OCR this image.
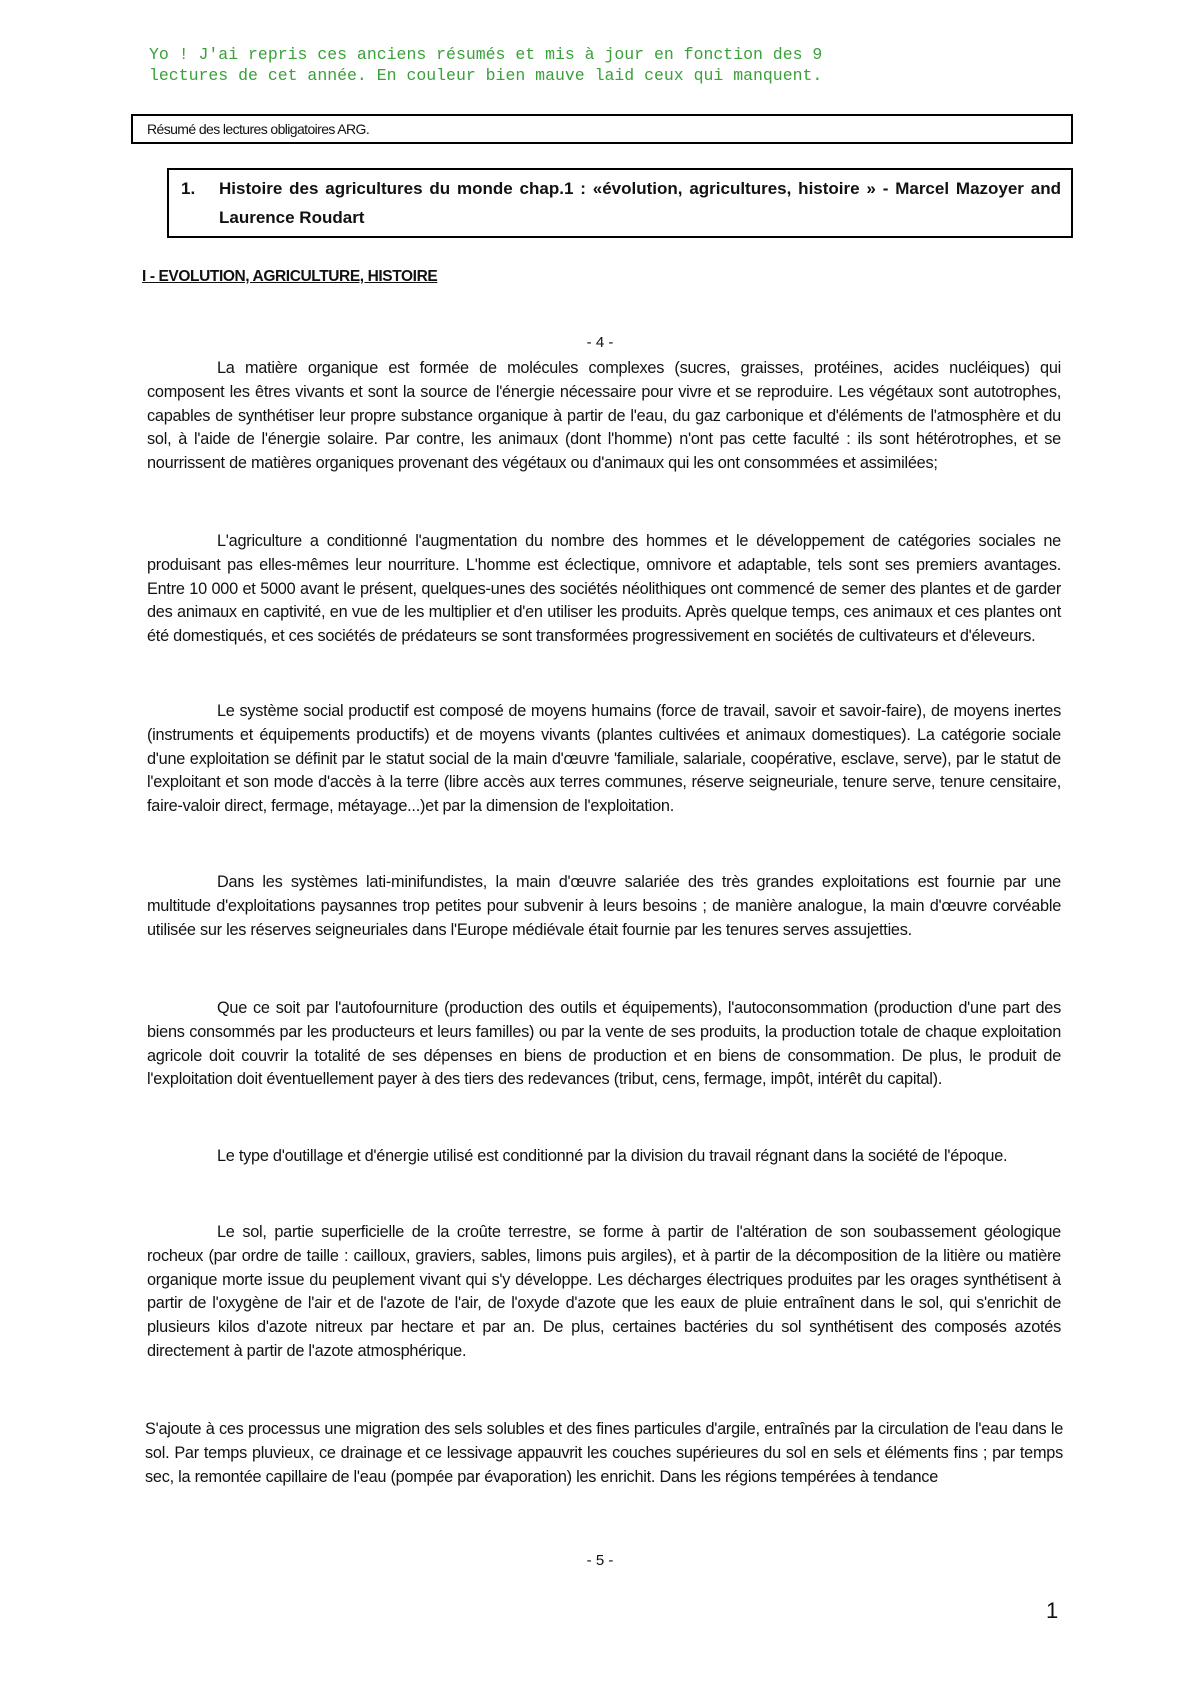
Yo ! J'ai repris ces anciens résumés et mis à jour en fonction des 9
lectures de cet année. En couleur bien mauve laid ceux qui manquent.
Résumé des lectures obligatoires ARG.
1. Histoire des agricultures du monde chap.1 : «évolution, agricultures, histoire » - Marcel Mazoyer and Laurence Roudart
I - EVOLUTION, AGRICULTURE, HISTOIRE
- 4 -

La matière organique est formée de molécules complexes (sucres, graisses, protéines, acides nucléiques) qui composent les êtres vivants et sont la source de l'énergie nécessaire pour vivre et se reproduire. Les végétaux sont autotrophes, capables de synthétiser leur propre substance organique à partir de l'eau, du gaz carbonique et d'éléments de l'atmosphère et du sol, à l'aide de l'énergie solaire. Par contre, les animaux (dont l'homme) n'ont pas cette faculté : ils sont hétérotrophes, et se nourrissent de matières organiques provenant des végétaux ou d'animaux qui les ont consommées et assimilées;

L'agriculture a conditionné l'augmentation du nombre des hommes et le développement de catégories sociales ne produisant pas elles-mêmes leur nourriture. L'homme est éclectique, omnivore et adaptable, tels sont ses premiers avantages. Entre 10 000 et 5000 avant le présent, quelques-unes des sociétés néolithiques ont commencé de semer des plantes et de garder des animaux en captivité, en vue de les multiplier et d'en utiliser les produits. Après quelque temps, ces animaux et ces plantes ont été domestiqués, et ces sociétés de prédateurs se sont transformées progressivement en sociétés de cultivateurs et d'éleveurs.

Le système social productif est composé de moyens humains (force de travail, savoir et savoir-faire), de moyens inertes (instruments et équipements productifs) et de moyens vivants (plantes cultivées et animaux domestiques). La catégorie sociale d'une exploitation se définit par le statut social de la main d'œuvre 'familiale, salariale, coopérative, esclave, serve), par le statut de l'exploitant et son mode d'accès à la terre (libre accès aux terres communes, réserve seigneuriale, tenure serve, tenure censitaire, faire-valoir direct, fermage, métayage...)et par la dimension de l'exploitation.

Dans les systèmes lati-minifundistes, la main d'œuvre salariée des très grandes exploitations est fournie par une multitude d'exploitations paysannes trop petites pour subvenir à leurs besoins ; de manière analogue, la main d'œuvre corvéable utilisée sur les réserves seigneuriales dans l'Europe médiévale était fournie par les tenures serves assujetties.

Que ce soit par l'autofourniture (production des outils et équipements), l'autoconsommation (production d'une part des biens consommés par les producteurs et leurs familles) ou par la vente de ses produits, la production totale de chaque exploitation agricole doit couvrir la totalité de ses dépenses en biens de production et en biens de consommation. De plus, le produit de l'exploitation doit éventuellement payer à des tiers des redevances (tribut, cens, fermage, impôt, intérêt du capital).

Le type d'outillage et d'énergie utilisé est conditionné par la division du travail régnant dans la société de l'époque.

Le sol, partie superficielle de la croûte terrestre, se forme à partir de l'altération de son soubassement géologique rocheux (par ordre de taille : cailloux, graviers, sables, limons puis argiles), et à partir de la décomposition de la litière ou matière organique morte issue du peuplement vivant qui s'y développe. Les décharges électriques produites par les orages synthétisent à partir de l'oxygène de l'air et de l'azote de l'air, de l'oxyde d'azote que les eaux de pluie entraînent dans le sol, qui s'enrichit de plusieurs kilos d'azote nitreux par hectare et par an. De plus, certaines bactéries du sol synthétisent des composés azotés directement à partir de l'azote atmosphérique.

S'ajoute à ces processus une migration des sels solubles et des fines particules d'argile, entraînés par la circulation de l'eau dans le sol. Par temps pluvieux, ce drainage et ce lessivage appauvrit les couches supérieures du sol en sels et éléments fins ; par temps sec, la remontée capillaire de l'eau (pompée par évaporation) les enrichit. Dans les régions tempérées à tendance

- 5 -
1
